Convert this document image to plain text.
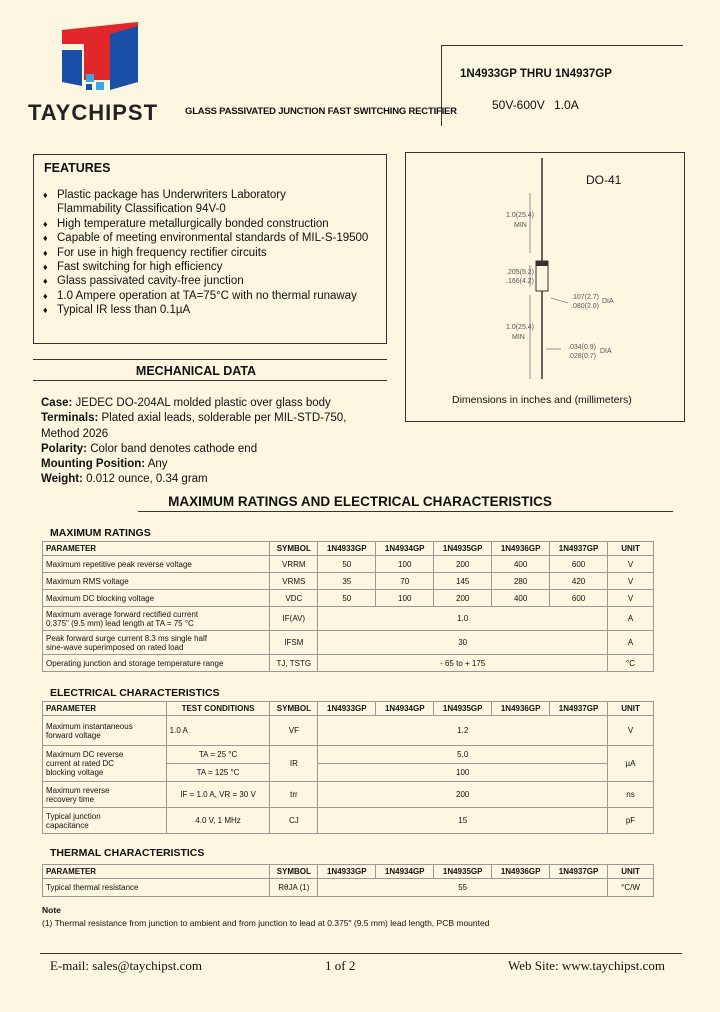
TAYCHIPST	GLASS PASSIVATED JUNCTION FAST SWITCHING RECTIFIER
1N4933GP THRU 1N4937GP
50V-600V 1.0A
FEATURES
♦ Plastic package has Underwriters Laboratory
Flammability Classification 94V-0
♦ High temperature metallurgically bonded construction
♦ Capable of meeting environmental standards of MIL-S-19500
♦ For use in high frequency rectifier circuits
♦ Fast switching for high efficiency
♦ Glass passivated cavity-free junction
♦ 1.0 Ampere operation at TA=75°C with no thermal runaway
♦ Typical IR less than 0.1µA
DO-41
1.0(25.4)
MIN
.205(5.2)
.166(4.2)
.107(2.7)
.080(2.0)
DIA
1.0(25.4)
MIN
.034(0.9)
.028(0.7)
DIA
Dimensions in inches and (millimeters)
MECHANICAL DATA
Case: JEDEC DO-204AL molded plastic over glass body
Terminals: Plated axial leads, solderable per MIL-STD-750,
Method 2026
Polarity: Color band denotes cathode end
Mounting Position: Any
Weight: 0.012 ounce, 0.34 gram
MAXIMUM RATINGS AND ELECTRICAL CHARACTERISTICS
MAXIMUM RATINGS
PARAMETER	SYMBOL	1N4933GP	1N4934GP	1N4935GP	1N4936GP	1N4937GP	UNIT
Maximum repetitive peak reverse voltage	VRRM	50	100	200	400	600	V
Maximum RMS voltage	VRMS	35	70	145	280	420	V
Maximum DC blocking voltage	VDC	50	100	200	400	600	V

Maximum average forward rectified current
0.375" (9.5 mm) lead length at TA = 75 °C	IF(AV)	1.0					A

Peak forward surge current 8.3 ms single half
sine-wave superimposed on rated load	IFSM	30					A
Operating junction and storage temperature range	TJ, TSTG	- 65 to + 175					°C
ELECTRICAL CHARACTERISTICS
PARAMETER	TEST CONDITIONS	SYMBOL	1N4933GP	1N4934GP	1N4935GP	1N4936GP	1N4937GP	UNIT

Maximum instantaneous
forward voltage	1.0 A	VF	1.2					V

Maximum DC reverse
current at rated DC
blocking voltage	TA = 25 °C	IR	5.0					µA
	TA = 125 °C		100					

Maximum reverse
recovery time	IF = 1.0 A, VR = 30 V	trr	200					ns

Typical junction
capacitance	4.0 V, 1 MHz	CJ	15					pF
THERMAL CHARACTERISTICS
PARAMETER	SYMBOL	1N4933GP	1N4934GP	1N4935GP	1N4936GP	1N4937GP	UNIT
Typical thermal resistance	RθJA (1)	55					°C/W
Note
(1) Thermal resistance from junction to ambient and from junction to lead at 0.375" (9.5 mm) lead length, PCB mounted
E-mail: sales@taychipst.com	1 of 2	Web Site: www.taychipst.com
